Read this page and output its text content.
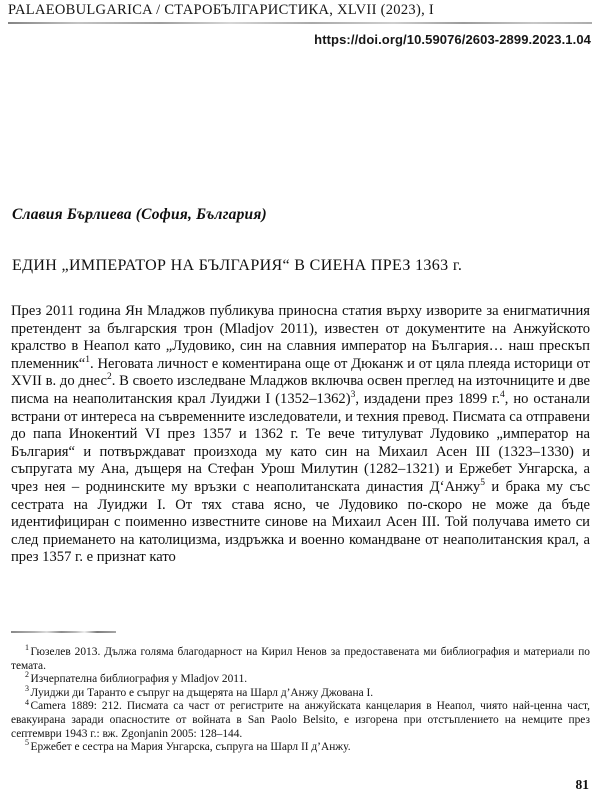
PALAEOBULGARICA / СТАРОБЪЛГАРИСТИКА, XLVII (2023), I
https://doi.org/10.59076/2603-2899.2023.1.04
Славия Бърлиева (София, България)
ЕДИН „ИМПЕРАТОР НА БЪЛГАРИЯ“ В СИЕНА ПРЕЗ 1363 г.

През 2011 година Ян Младжов публикува приносна статия върху изворите за енигматичния претендент за българския трон (Mladjov 2011), известен от документите на Анжуйското кралство в Неапол като „Лудовико, син на славния император на България… наш прескъп племенник“$^1$. Неговата личност е коментирана още от Дюканж и от цяла плеяда историци от XVII в. до днес$^2$. В своето изследване Младжов включва освен преглед на източниците и две писма на неаполитанския крал Луиджи I (1352–1362)$^3$, издадени през 1899 г.$^4$, но останали встрани от интереса на съвременните изследователи, и техния превод. Писмата са отправени до папа Инокентий VI през 1357 и 1362 г. Те вече титулуват Лудовико „император на България“ и потвърждават произхода му като син на Михаил Асен III (1323–1330) и съпругата му Ана, дъщеря на Стефан Урош Милутин (1282–1321) и Ержебет Унгарска, а чрез нея – роднинските му връзки с неаполитанската династия Д‘Анжу$^5$ и брака му със сестрата на Луиджи I. От тях става ясно, че Лудовико по-скоро не може да бъде идентифициран с поименно известните синове на Михаил Асен III. Той получава името си след приемането на католицизма, издръжка и военно командване от неаполитанския крал, а през 1357 г. е признат като

$^1$ Гюзелев 2013. Дължа голяма благодарност на Кирил Ненов за предоставената ми библиография и материали по темата.

$^2$ Изчерпателна библиография у Mladjov 2011.

$^3$ Луиджи ди Таранто е съпруг на дъщерята на Шарл д’Анжу Джована I.

$^4$ Camera 1889: 212. Писмата са част от регистрите на анжуйската канцелария в Неапол, чиято най-ценна част, евакуирана заради опасностите от войната в San Paolo Belsito, е изгорена при отстъплението на немците през септември 1943 г.: вж. Zgonjanin 2005: 128–144.

$^5$ Ержебет е сестра на Мария Унгарска, съпруга на Шарл II д’Анжу.

81
